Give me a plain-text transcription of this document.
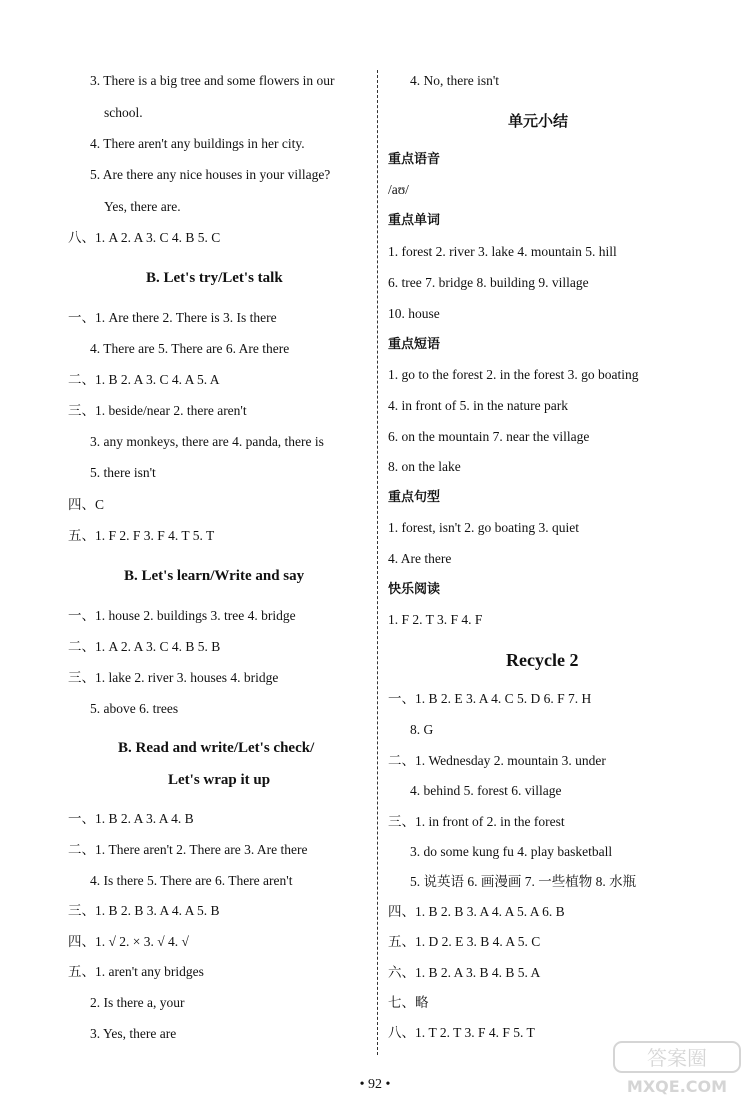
3. There is a big tree and some flowers in our
school.
4. There aren't any buildings in her city.
5. Are there any nice houses in your village?
Yes, there are.
八、1. A 2. A 3. C 4. B 5. C
B. Let's try/Let's talk
一、1. Are there 2. There is 3. Is there
4. There are 5. There are 6. Are there
二、1. B 2. A 3. C 4. A 5. A
三、1. beside/near 2. there aren't
3. any monkeys, there are 4. panda, there is
5. there isn't
四、C
五、1. F 2. F 3. F 4. T 5. T
B. Let's learn/Write and say
一、1. house 2. buildings 3. tree 4. bridge
二、1. A 2. A 3. C 4. B 5. B
三、1. lake 2. river 3. houses 4. bridge
5. above 6. trees
B. Read and write/Let's check/
Let's wrap it up
一、1. B 2. A 3. A 4. B
二、1. There aren't 2. There are 3. Are there
4. Is there 5. There are 6. There aren't
三、1. B 2. B 3. A 4. A 5. B
四、1. √ 2. × 3. √ 4. √
五、1. aren't any bridges
2. Is there a, your
3. Yes, there are
4. No, there isn't
单元小结
重点语音
/aʊ/
重点单词
1. forest 2. river 3. lake 4. mountain 5. hill
6. tree 7. bridge 8. building 9. village
10. house
重点短语
1. go to the forest 2. in the forest 3. go boating
4. in front of 5. in the nature park
6. on the mountain 7. near the village
8. on the lake
重点句型
1. forest, isn't 2. go boating 3. quiet
4. Are there
快乐阅读
1. F 2. T 3. F 4. F
Recycle 2
一、1. B 2. E 3. A 4. C 5. D 6. F 7. H
8. G
二、1. Wednesday 2. mountain 3. under
4. behind 5. forest 6. village
三、1. in front of 2. in the forest
3. do some kung fu 4. play basketball
5. 说英语 6. 画漫画 7. 一些植物 8. 水瓶
四、1. B 2. B 3. A 4. A 5. A 6. B
五、1. D 2. E 3. B 4. A 5. C
六、1. B 2. A 3. B 4. B 5. A
七、略
八、1. T 2. T 3. F 4. F 5. T
• 92 •
答案圈
MXQE.COM
